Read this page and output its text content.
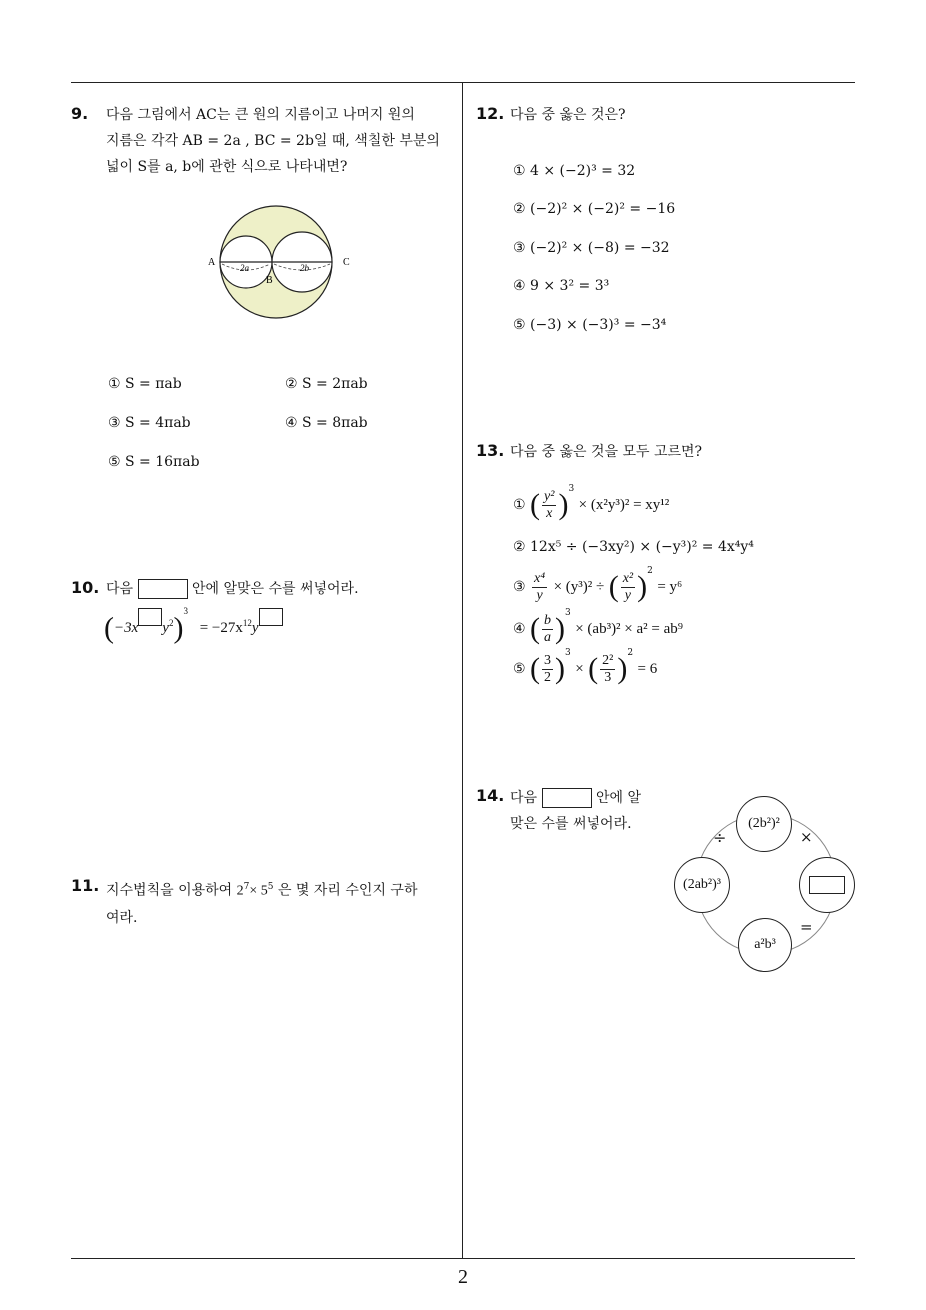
9. 다음 그림에서 AC는 큰 원의 지름이고 나머지 원의
지름은 각각 AB = 2a , BC = 2b일 때, 색칠한 부분의
넓이 S를 a, b에 관한 식으로 나타내면?
A
B
C
2a	2b
① S = πab	② S = 2πab
③ S = 4πab	④ S = 8πab
⑤ S = 16πab
10. 다음	안에 알맞은 수를 써넣어라.
(−3x $y^2)^3 = -27x^{12}y$
11. 지수법칙을 이용하여 $2^7\times 5^5$ 은 몇 자리 수인지 구하
여라.
12. 다음 중 옳은 것은?
① 4 × (−2)³ = 32
② (−2)² × (−2)² = −16
③ (−2)² × (−8) = −32
④ 9 × 3² = 3³
⑤ (−3) × (−3)³ = −3⁴
13. 다음 중 옳은 것을 모두 고르면?
① ( $\frac{\text{y²}}{x} )^3 \times (x^2y^3)^2 = xy^{12}$
② 12x⁵ ÷ (−3xy²) × (−y³)² = 4x⁴y⁴
③ $\frac{\text{x⁴}}{y} \times (y^3)^2$ ÷ ( $\frac{\text{x²}}{y} )^2 = y^6$
④ ( $\frac{b}{a} )^3 \times (ab^3)^2 \times a^2 = ab^9$
⑤ ( $\frac{3}{2} )^3$ × ( $\frac{\text{2²}}{3} )^2 = 6$
14. 다음	안에 알
맞은 수를 써넣어라.	(2b²)²
(2ab²)³
a²b³
÷	×
=
2
